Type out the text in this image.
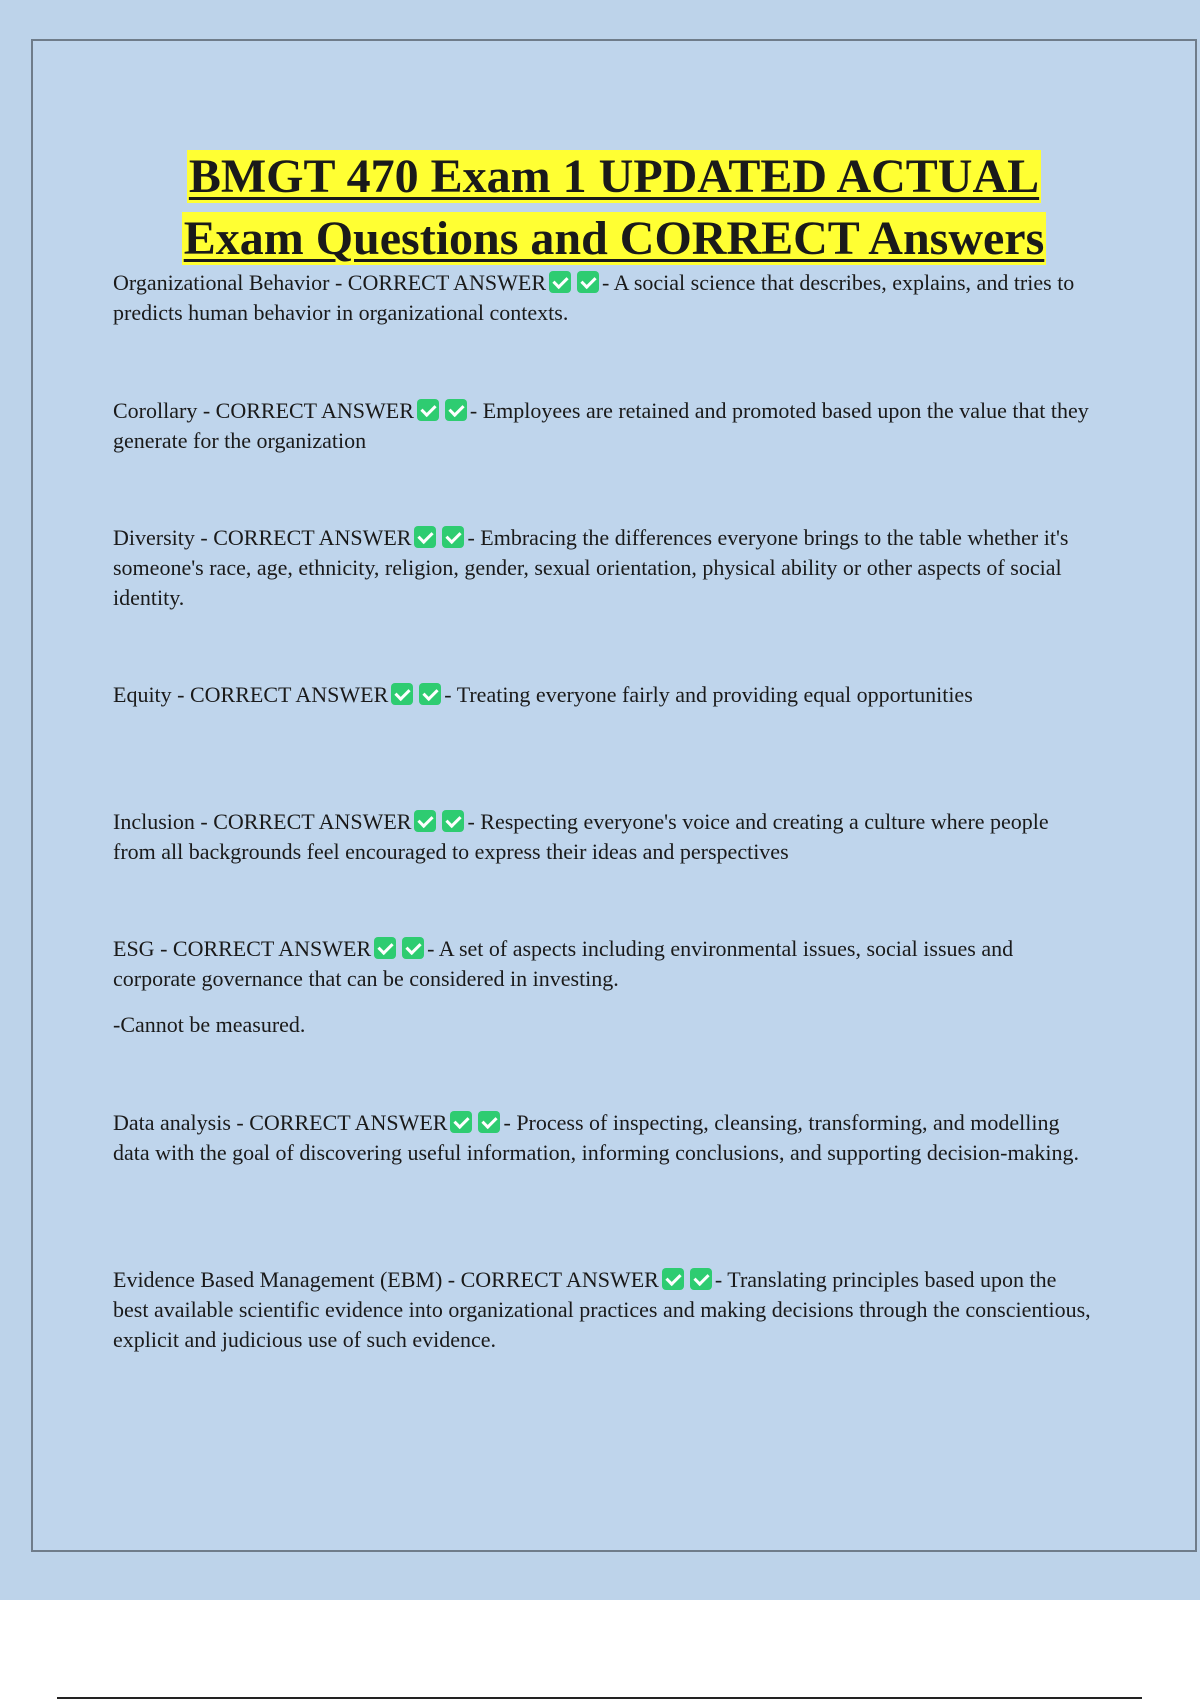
BMGT 470 Exam 1 UPDATED ACTUAL
Exam Questions and CORRECT Answers

Organizational Behavior - CORRECT ANSWER	- A social science that describes, explains, and tries to predicts human behavior in organizational contexts.

Corollary - CORRECT ANSWER	- Employees are retained and promoted based upon the value that they generate for the organization

Diversity - CORRECT ANSWER	- Embracing the differences everyone brings to the table whether it's someone's race, age, ethnicity, religion, gender, sexual orientation, physical ability or other aspects of social identity.

Equity - CORRECT ANSWER	- Treating everyone fairly and providing equal opportunities

Inclusion - CORRECT ANSWER	- Respecting everyone's voice and creating a culture where people from all backgrounds feel encouraged to express their ideas and perspectives

ESG - CORRECT ANSWER	- A set of aspects including environmental issues, social issues and corporate governance that can be considered in investing.

-Cannot be measured.

Data analysis - CORRECT ANSWER	- Process of inspecting, cleansing, transforming, and modelling data with the goal of discovering useful information, informing conclusions, and supporting decision-making.

Evidence Based Management (EBM) - CORRECT ANSWER	- Translating principles based upon the best available scientific evidence into organizational practices and making decisions through the conscientious, explicit and judicious use of such evidence.
